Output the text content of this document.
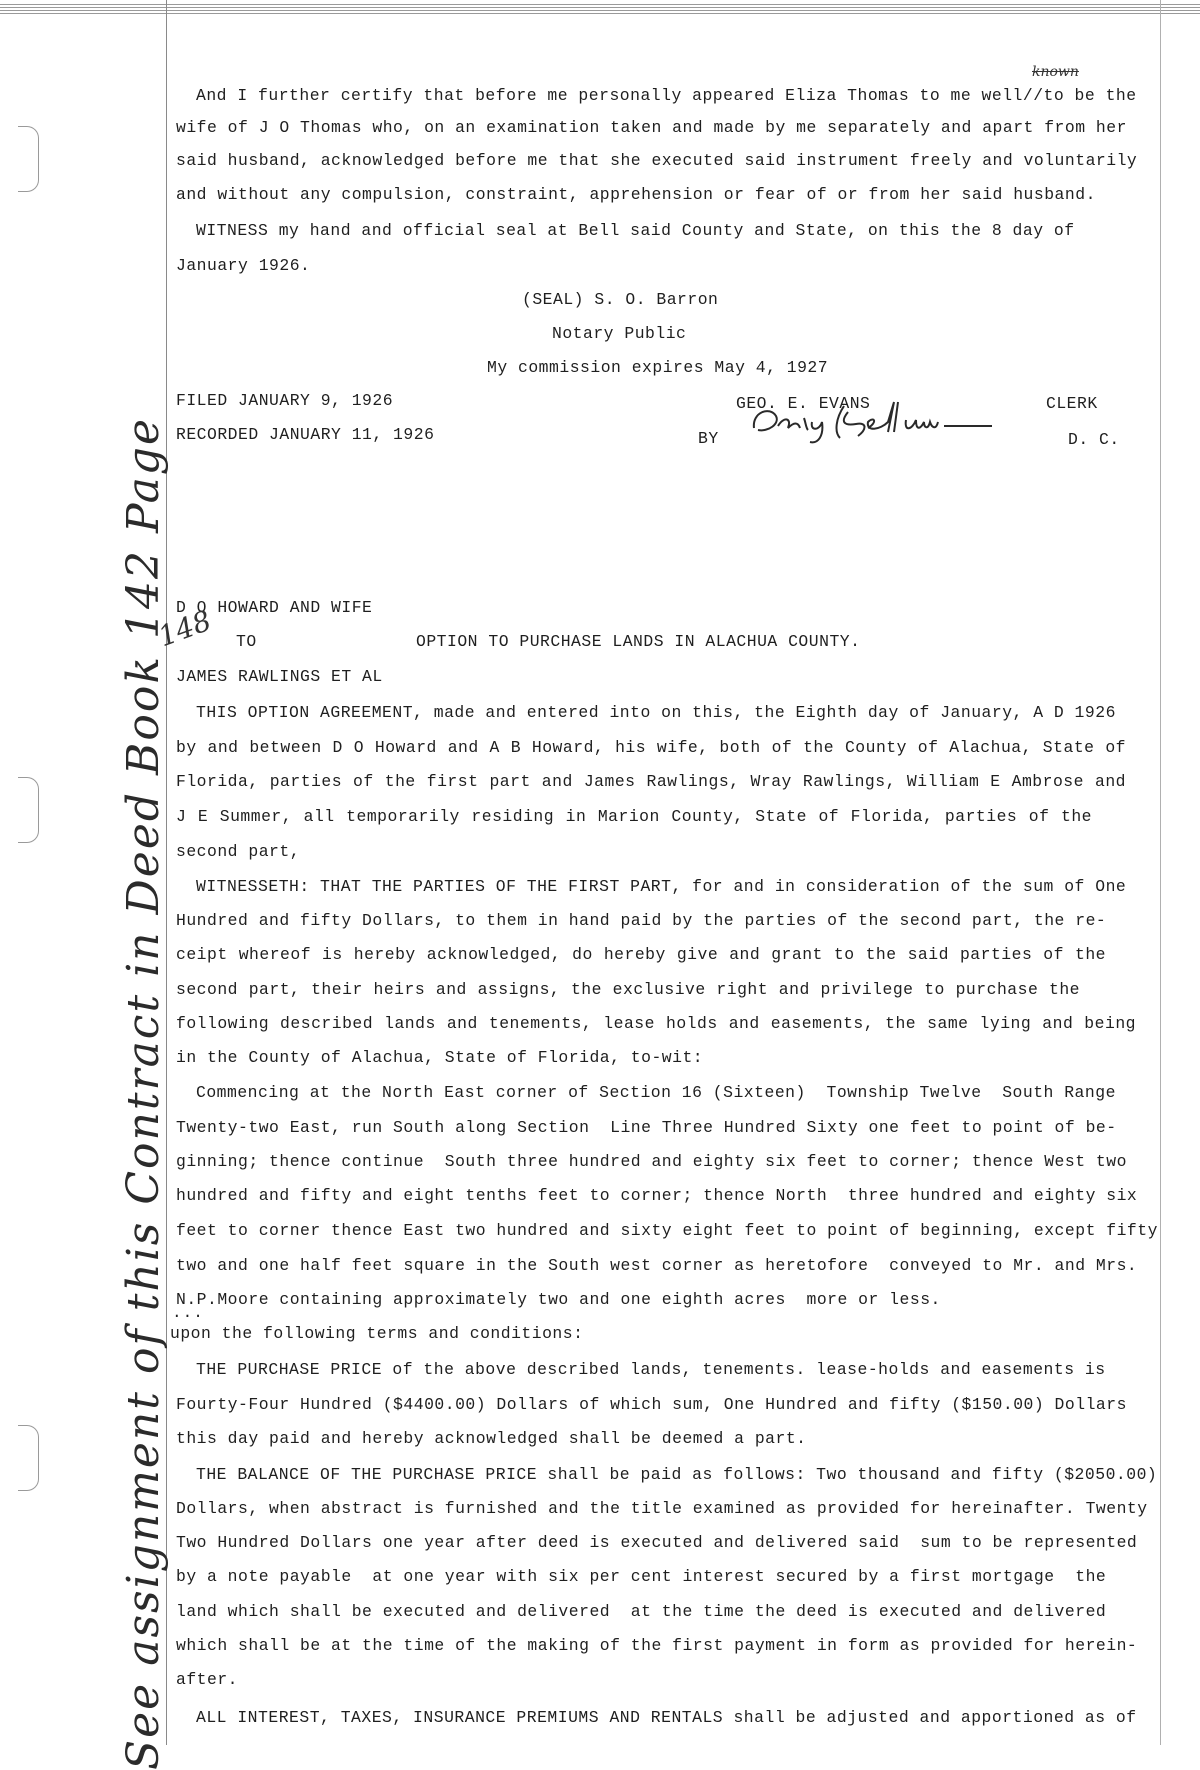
known
And I further certify that before me personally appeared Eliza Thomas to me well//to be the
wife of J O Thomas who, on an examination taken and made by me separately and apart from her
said husband, acknowledged before me that she executed said instrument freely and voluntarily
and without any compulsion, constraint, apprehension or fear of or from her said husband.
WITNESS my hand and official seal at Bell said County and State, on this the 8 day of
January 1926.
(SEAL) S. O. Barron
Notary Public
My commission expires May 4, 1927
FILED JANUARY 9, 1926	GEO. E. EVANS	CLERK
RECORDED JANUARY 11, 1926	BY	D. C.
D O HOWARD AND WIFE
148 TO	OPTION TO PURCHASE LANDS IN ALACHUA COUNTY.
JAMES RAWLINGS ET AL
THIS OPTION AGREEMENT, made and entered into on this, the Eighth day of January, A D 1926
by and between D O Howard and A B Howard, his wife, both of the County of Alachua, State of
Florida, parties of the first part and James Rawlings, Wray Rawlings, William E Ambrose and
J E Summer, all temporarily residing in Marion County, State of Florida, parties of the
second part,
WITNESSETH: THAT THE PARTIES OF THE FIRST PART, for and in consideration of the sum of One
Hundred and fifty Dollars, to them in hand paid by the parties of the second part, the re-
ceipt whereof is hereby acknowledged, do hereby give and grant to the said parties of the
second part, their heirs and assigns, the exclusive right and privilege to purchase the
following described lands and tenements, lease holds and easements, the same lying and being
in the County of Alachua, State of Florida, to-wit:
Commencing at the North East corner of Section 16 (Sixteen)  Township Twelve  South Range
Twenty-two East, run South along Section  Line Three Hundred Sixty one feet to point of be-
ginning; thence continue  South three hundred and eighty six feet to corner; thence West two
hundred and fifty and eight tenths feet to corner; thence North  three hundred and eighty six
feet to corner thence East two hundred and sixty eight feet to point of beginning, except fifty
two and one half feet square in the South west corner as heretofore  conveyed to Mr. and Mrs.
N.P.Moore containing approximately two and one eighth acres  more or less.
...
upon the following terms and conditions:
THE PURCHASE PRICE of the above described lands, tenements. lease-holds and easements is
Fourty-Four Hundred ($4400.00) Dollars of which sum, One Hundred and fifty ($150.00) Dollars
this day paid and hereby acknowledged shall be deemed a part.
THE BALANCE OF THE PURCHASE PRICE shall be paid as follows: Two thousand and fifty ($2050.00)
Dollars, when abstract is furnished and the title examined as provided for hereinafter. Twenty
Two Hundred Dollars one year after deed is executed and delivered said  sum to be represented
by a note payable  at one year with six per cent interest secured by a first mortgage  the
land which shall be executed and delivered  at the time the deed is executed and delivered
which shall be at the time of the making of the first payment in form as provided for herein-
after.
ALL INTEREST, TAXES, INSURANCE PREMIUMS AND RENTALS shall be adjusted and apportioned as of
See assignment of this Contract in Deed Book 142 Page
